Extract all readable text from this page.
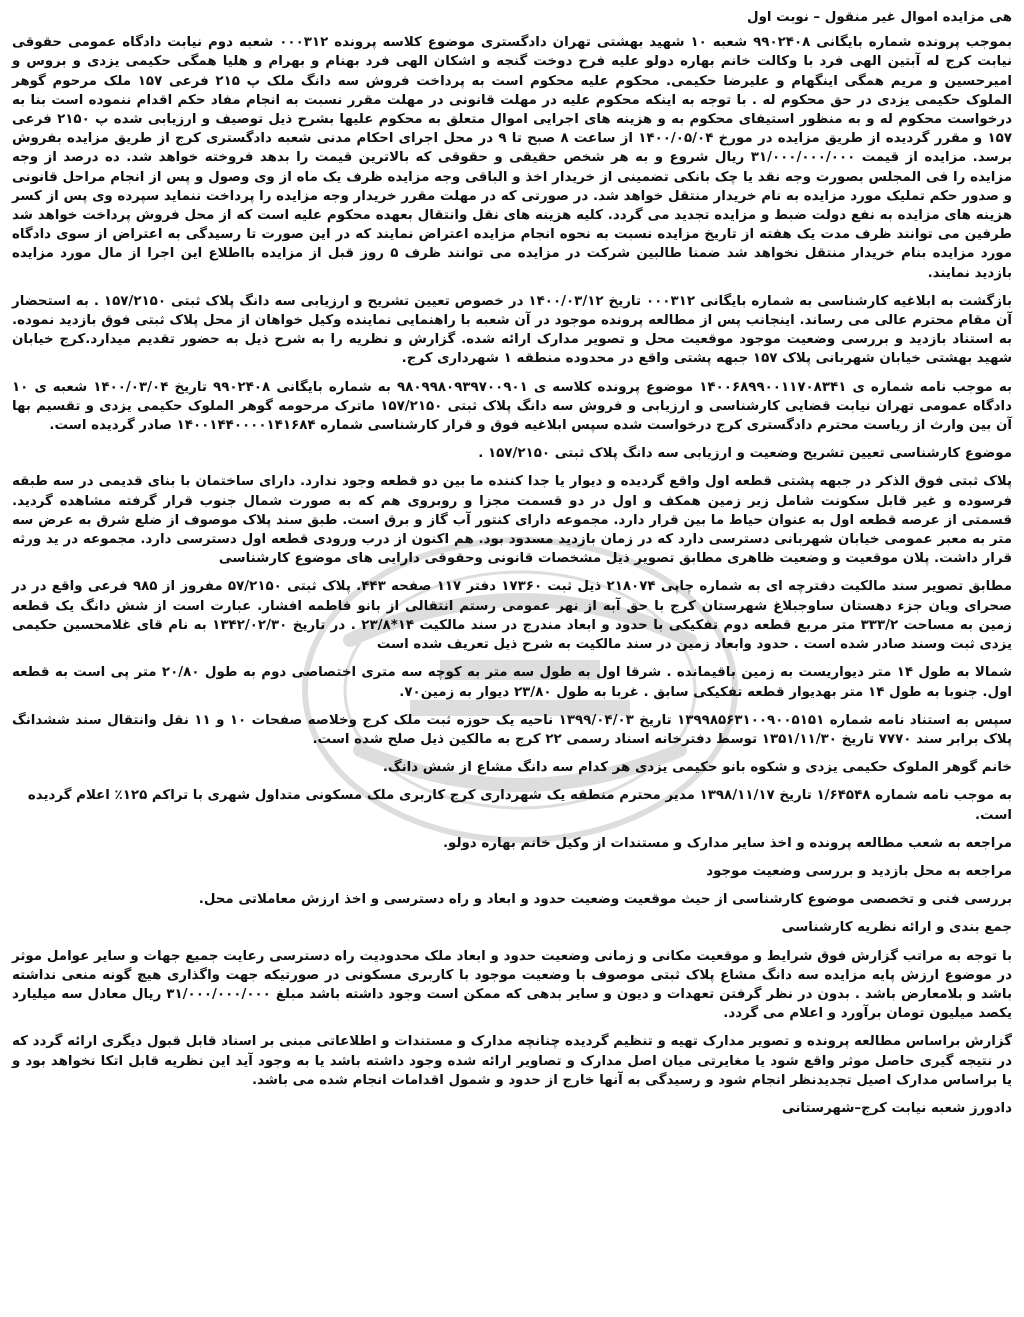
هی مزایده اموال غیر منقول – نوبت اول
بموجب پرونده شماره بایگانی ۹۹۰۲۴۰۸ شعبه ۱۰ شهید بهشتی تهران دادگستری موضوع کلاسه پرونده ۰۰۰۳۱۲ شعبه دوم نیابت دادگاه عمومی حقوقی نیابت کرج له آبتین الهی فرد با وکالت خانم بهاره دولو علیه فرح دوخت گنجه و اشکان الهی فرد بهنام و بهرام و هلیا همگی حکیمی یزدی و بروس و امیرحسین و مریم همگی اینگهام و علیرضا حکیمی. محکوم علیه محکوم است به پرداخت فروش سه دانگ ملک پ ۲۱۵ فرعی ۱۵۷ ملک مرحوم گوهر الملوک حکیمی یزدی در حق محکوم له . با توجه به اینکه محکوم علیه در مهلت قانونی در مهلت مقرر نسبت به انجام مفاد حکم اقدام ننموده است بنا به درخواست محکوم له و به منظور استیفای محکوم به و هزینه های اجرایی اموال متعلق به محکوم علیها بشرح ذیل توصیف و ارزیابی شده پ ۲۱۵۰ فرعی ۱۵۷ و مقرر گردیده از طریق مزایده در مورخ ۱۴۰۰/۰۵/۰۴ از ساعت ۸ صبح تا ۹ در محل اجرای احکام مدنی شعبه دادگستری کرج از طریق مزایده بفروش برسد. مزایده از قیمت ۳۱/۰۰۰/۰۰۰/۰۰۰ ریال شروع و به هر شخص حقیقی و حقوقی که بالاترین قیمت را بدهد فروخته خواهد شد. ده درصد از وجه مزایده را فی المجلس بصورت وجه نقد یا چک بانکی تضمینی از خریدار اخذ و الباقی وجه مزایده ظرف یک ماه از وی وصول و پس از انجام مراحل قانونی و صدور حکم تملیک مورد مزایده به نام خریدار منتقل خواهد شد. در صورتی که در مهلت مقرر خریدار وجه مزایده را پرداخت ننماید سپرده وی پس از کسر هزینه های مزایده به نفع دولت ضبط و مزایده تجدید می گردد. کلیه هزینه های نقل وانتقال بعهده محکوم علیه است که از محل فروش پرداخت خواهد شد طرفین می توانند ظرف مدت یک هفته از تاریخ مزایده نسبت به نحوه انجام مزایده اعتراض نمایند که در این صورت تا رسیدگی به اعتراض از سوی دادگاه مورد مزایده بنام خریدار منتقل نخواهد شد ضمنا طالبین شرکت در مزایده می توانند ظرف ۵ روز قبل از مزایده بااطلاع این اجرا از مال مورد مزایده بازدید نمایند.
بازگشت به ابلاغیه کارشناسی به شماره بایگانی ۰۰۰۳۱۲ تاریخ ۱۴۰۰/۰۳/۱۲ در خصوص تعیین تشریح و ارزیابی سه دانگ پلاک ثبتی ۱۵۷/۲۱۵۰ . به استحضار آن مقام محترم عالی می رساند. اینجانب پس از مطالعه پرونده موجود در آن شعبه با راهنمایی نماینده وکیل خواهان از محل پلاک ثبتی فوق بازدید نموده. به استناد بازدید و بررسی وضعیت موجود موقعیت محل و تصویر مدارک ارائه شده. گزارش و نظریه را به شرح ذیل به حضور تقدیم میدارد.کرج خیابان شهید بهشتی خیابان شهربانی پلاک ۱۵۷ جبهه پشتی واقع در محدوده منطقه ۱ شهرداری کرج.
به موجب نامه شماره ی ۱۴۰۰۶۸۹۹۰۰۱۱۷۰۸۳۴۱ موضوع پرونده کلاسه ی ۹۸۰۹۹۸۰۹۳۹۷۰۰۹۰۱ به شماره بایگانی ۹۹۰۲۴۰۸ تاریخ ۱۴۰۰/۰۳/۰۴ شعبه ی ۱۰ دادگاه عمومی تهران نیابت قضایی کارشناسی و ارزیابی و فروش سه دانگ پلاک ثبتی ۱۵۷/۲۱۵۰ ماترک مرحومه گوهر الملوک حکیمی یزدی و تقسیم بها آن بین وارث از ریاست محترم دادگستری کرج درخواست شده سپس ابلاغیه فوق و قرار کارشناسی شماره ۱۴۰۰۱۴۴۰۰۰۰۱۴۱۶۸۴ صادر گردیده است.
موضوع کارشناسی تعیین تشریح وضعیت و ارزیابی سه دانگ پلاک ثبتی ۱۵۷/۲۱۵۰ .
پلاک ثبتی فوق الذکر در جبهه پشتی قطعه اول واقع گردیده و دیوار یا جدا کننده ما بین دو قطعه وجود ندارد. دارای ساختمان با بنای قدیمی در سه طبقه فرسوده و غیر قابل سکونت شامل زیر زمین همکف و اول در دو قسمت مجزا و روبروی هم که به صورت شمال جنوب قرار گرفته مشاهده گردید. قسمتی از عرصه قطعه اول به عنوان حیاط ما بین قرار دارد. مجموعه دارای کنتور آب گاز و برق است. طبق سند پلاک موصوف از ضلع شرق به عرض سه متر به معبر عمومی خیابان شهربانی دسترسی دارد که در زمان بازدید مسدود بود. هم اکنون از درب ورودی قطعه اول دسترسی دارد. مجموعه در ید ورثه قرار داشت. پلان موقعیت و وضعیت ظاهری مطابق تصویر ذیل مشخصات قانونی وحقوقی دارایی های موضوع کارشناسی
مطابق تصویر سند مالکیت دفترچه ای به شماره چاپی ۲۱۸۰۷۴ ذیل ثبت ۱۷۳۶۰ دفتر ۱۱۷ صفحه ۴۴۳. پلاک ثبتی ۵۷/۲۱۵۰ مفروز از ۹۸۵ فرعی واقع در در صحرای ویان جزء دهستان ساوجبلاغ شهرستان کرج با حق آبه از نهر عمومی رستم انتقالی از بانو فاطمه افشار. عبارت است از شش دانگ یک قطعه زمین به مساحت ۳۳۳/۲ متر مربع قطعه دوم تفکیکی با حدود و ابعاد مندرج در سند مالکیت ۱۴*۲۳/۸ . در تاریخ ۱۳۴۲/۰۲/۳۰ به نام قای غلامحسین حکیمی یزدی ثبت وسند صادر شده است . حدود وابعاد زمین در سند مالکیت به شرح ذیل تعریف شده است
شمالا به طول ۱۴ متر دیواریست به زمین باقیمانده . شرقا اول به طول سه متر به کوچه سه متری اختصاصی دوم به طول ۲۰/۸۰ متر پی است به قطعه اول. جنوبا به طول ۱۴ متر بهدیوار قطعه تفکیکی سابق . غربا به طول ۲۳/۸۰ دیوار به زمین۷۰.
سپس به استناد نامه شماره ۱۳۹۹۸۵۶۳۱۰۰۹۰۰۵۱۵۱ تاریخ ۱۳۹۹/۰۴/۰۳ ناحیه یک حوزه ثبت ملک کرج وخلاصه صفحات ۱۰ و ۱۱ نقل وانتقال سند ششدانگ پلاک برابر سند ۷۷۷۰ تاریخ ۱۳۵۱/۱۱/۳۰ توسط دفترخانه اسناد رسمی ۲۲ کرج به مالکین ذیل صلح شده است.
خانم گوهر الملوک حکیمی یزدی و شکوه بانو حکیمی یزدی هر کدام سه دانگ مشاع از شش دانگ.
به موجب نامه شماره ۱/۶۴۵۴۸ تاریخ ۱۳۹۸/۱۱/۱۷ مدیر محترم منطقه یک شهرداری کرج کاربری ملک مسکونی متداول شهری با تراکم ۱۲۵٪ اعلام گردیده است.
مراجعه به شعب مطالعه پرونده و اخذ سایر مدارک و مستندات از وکیل خانم بهاره دولو.
مراجعه به محل بازدید و بررسی وضعیت موجود
بررسی فنی و تخصصی موضوع کارشناسی از حیث موقعیت وضعیت حدود و ابعاد و راه دسترسی و اخذ ارزش معاملاتی محل.
جمع بندی و ارائه نظریه کارشناسی
با توجه به مراتب گزارش فوق شرایط و موقعیت مکانی و زمانی وضعیت حدود و ابعاد ملک محدودیت راه دسترسی رعایت جمیع جهات و سایر عوامل موثر در موضوع ارزش پایه مزایده سه دانگ مشاع پلاک ثبتی موصوف با وضعیت موجود با کاربری مسکونی در صورتیکه جهت واگذاری هیچ گونه منعی نداشته باشد و بلامعارض باشد . بدون در نظر گرفتن تعهدات و دیون و سایر بدهی که ممکن است وجود داشته باشد مبلغ ۳۱/۰۰۰/۰۰۰/۰۰۰ ریال معادل سه میلیارد یکصد میلیون تومان برآورد و اعلام می گردد.
گزارش براساس مطالعه پرونده و تصویر مدارک تهیه و تنظیم گردیده چنانچه مدارک و مستندات و اطلاعاتی مبنی بر اسناد قابل قبول دیگری ارائه گردد که در نتیجه گیری حاصل موثر واقع شود یا مغایرتی میان اصل مدارک و تصاویر ارائه شده وجود داشته باشد یا به وجود آید این نظریه قابل اتکا نخواهد بود و یا براساس مدارک اصیل تجدیدنظر انجام شود و رسیدگی به آنها خارج از حدود و شمول اقدامات انجام شده می باشد.
دادورز شعبه نیابت کرج–شهرستانی
